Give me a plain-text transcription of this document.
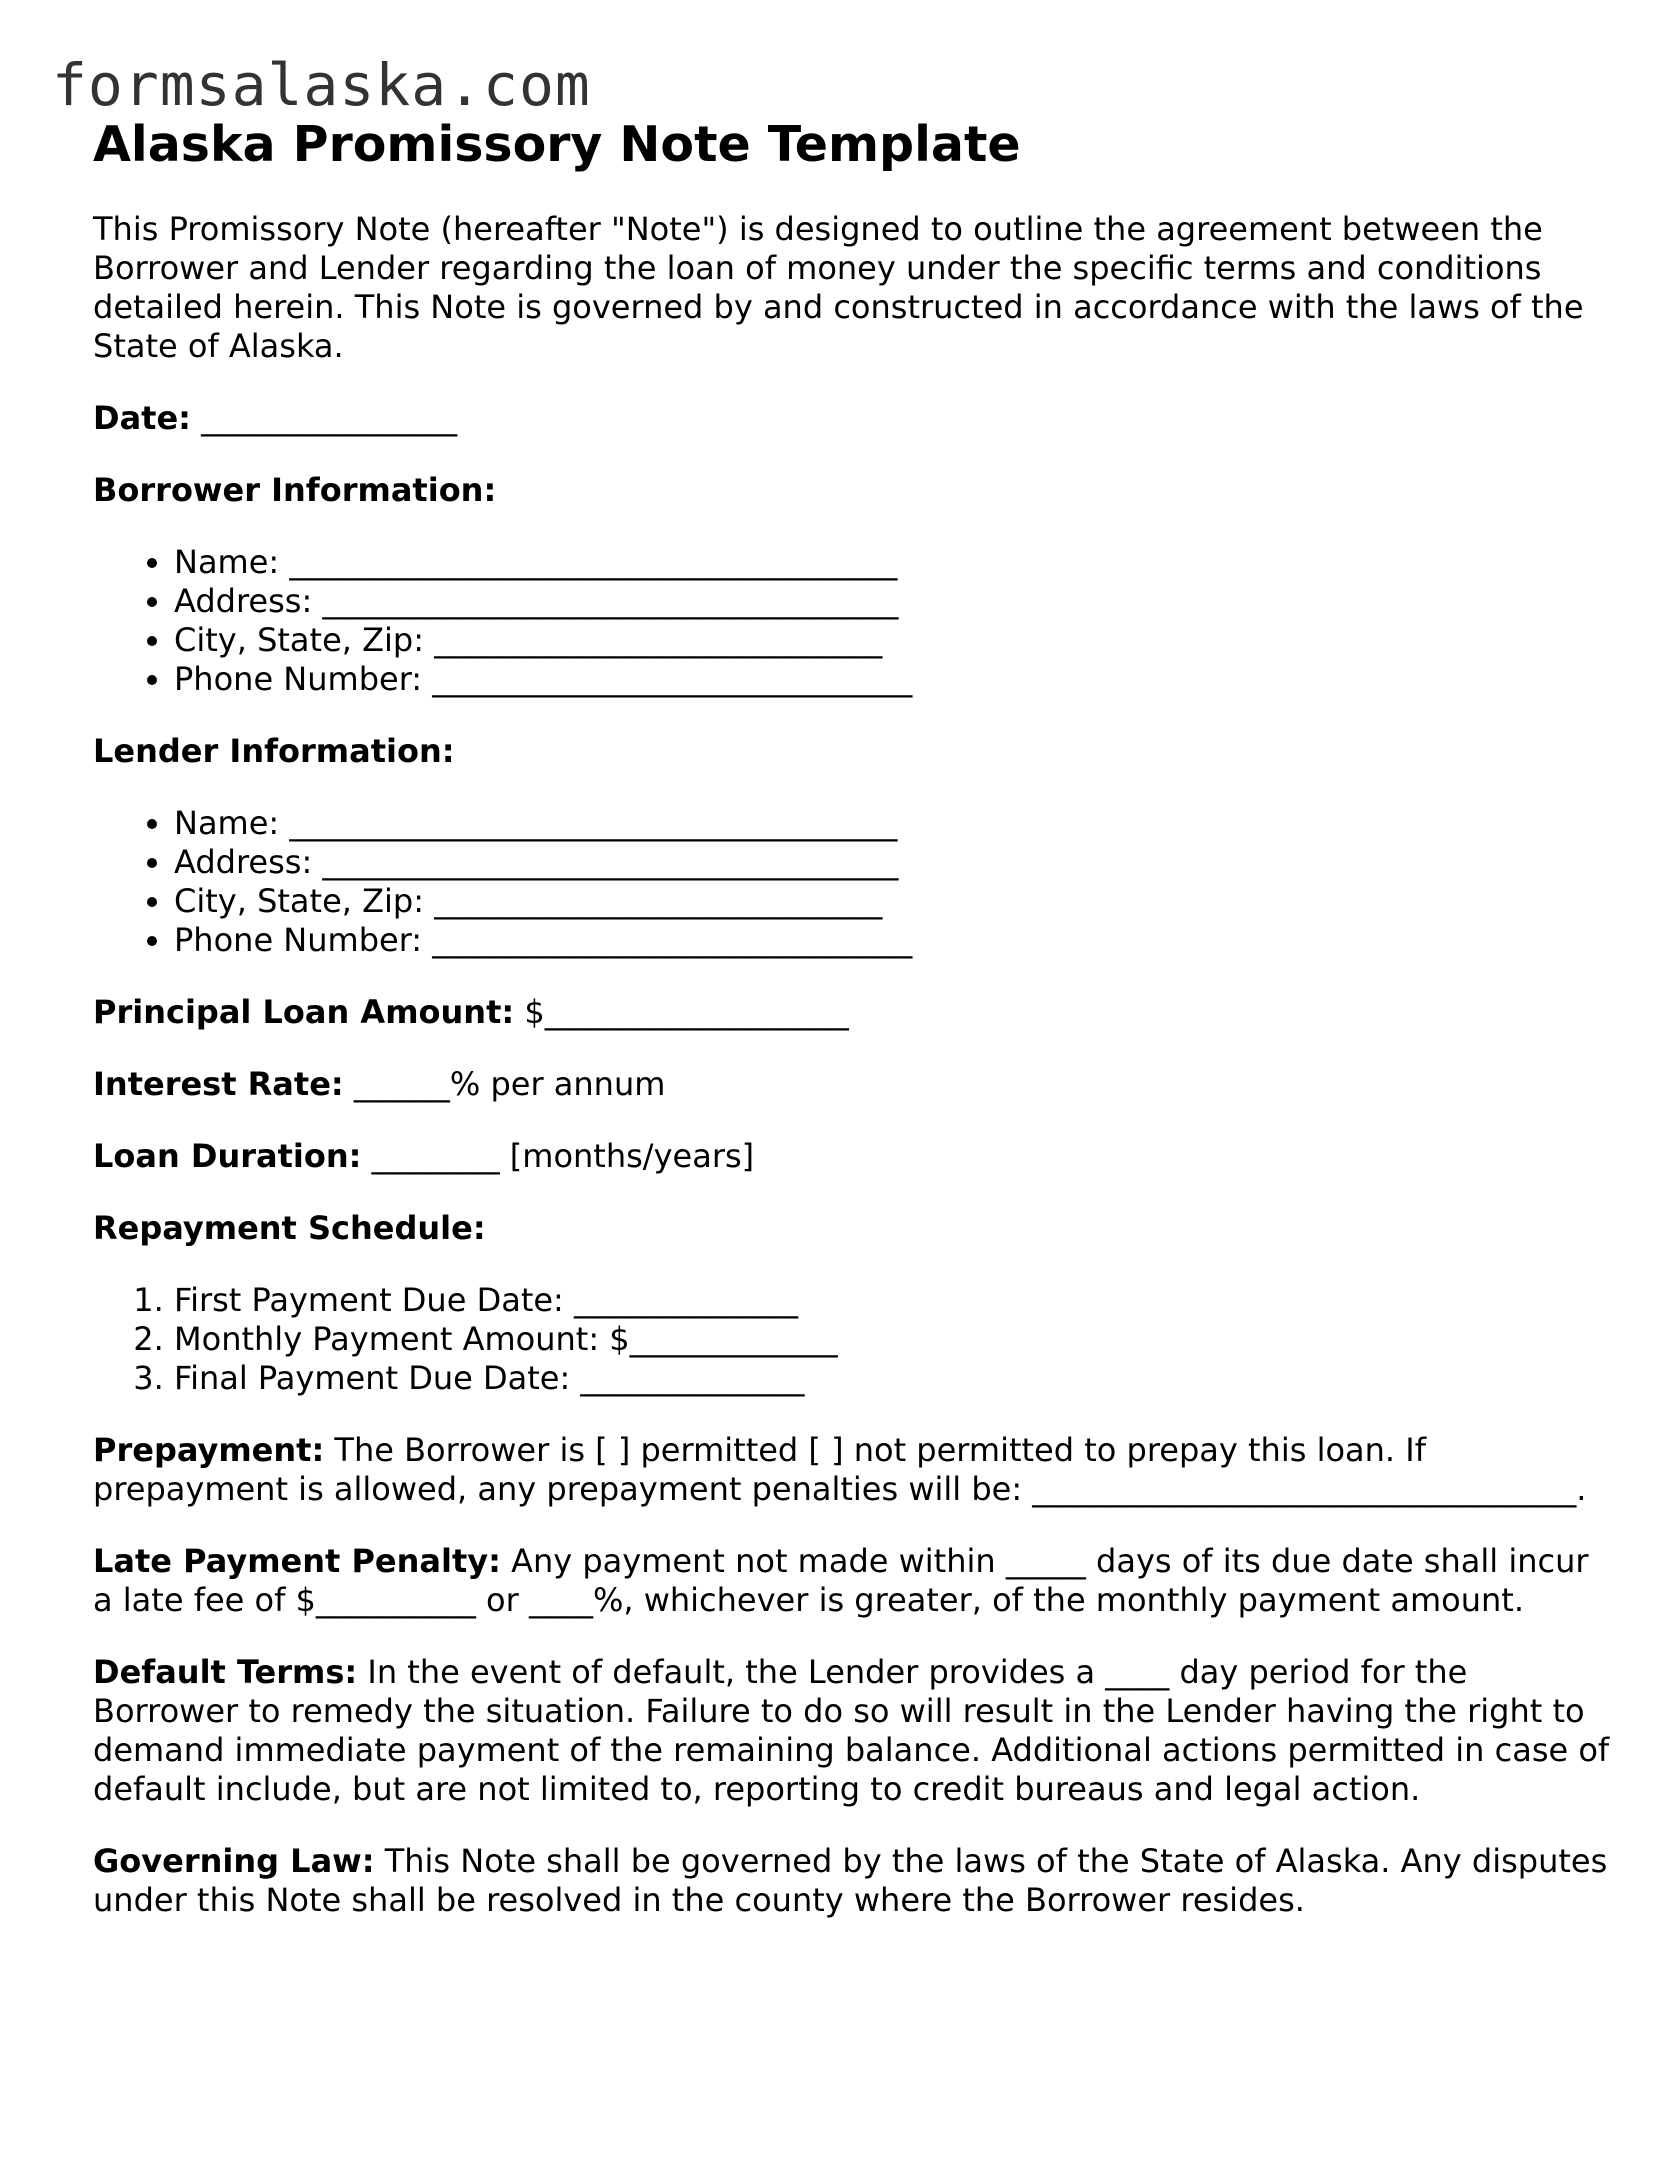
formsalaska.com
Alaska Promissory Note Template

This Promissory Note (hereafter "Note") is designed to outline the agreement between the Borrower and Lender regarding the loan of money under the specific terms and conditions detailed herein. This Note is governed by and constructed in accordance with the laws of the State of Alaska.

Date: ________________

Borrower Information:

• Name: ______________________________________
• Address: ____________________________________
• City, State, Zip: ____________________________
• Phone Number: ______________________________

Lender Information:

• Name: ______________________________________
• Address: ____________________________________
• City, State, Zip: ____________________________
• Phone Number: ______________________________

Principal Loan Amount: $___________________

Interest Rate: ______% per annum

Loan Duration: ________ [months/years]

Repayment Schedule:

1. First Payment Due Date: ______________
2. Monthly Payment Amount: $_____________
3. Final Payment Due Date: ______________

Prepayment: The Borrower is [ ] permitted [ ] not permitted to prepay this loan. If prepayment is allowed, any prepayment penalties will be: __________________________________.

Late Payment Penalty: Any payment not made within _____ days of its due date shall incur a late fee of $__________ or ____%, whichever is greater, of the monthly payment amount.

Default Terms: In the event of default, the Lender provides a ____ day period for the Borrower to remedy the situation. Failure to do so will result in the Lender having the right to demand immediate payment of the remaining balance. Additional actions permitted in case of default include, but are not limited to, reporting to credit bureaus and legal action.

Governing Law: This Note shall be governed by the laws of the State of Alaska. Any disputes under this Note shall be resolved in the county where the Borrower resides.
